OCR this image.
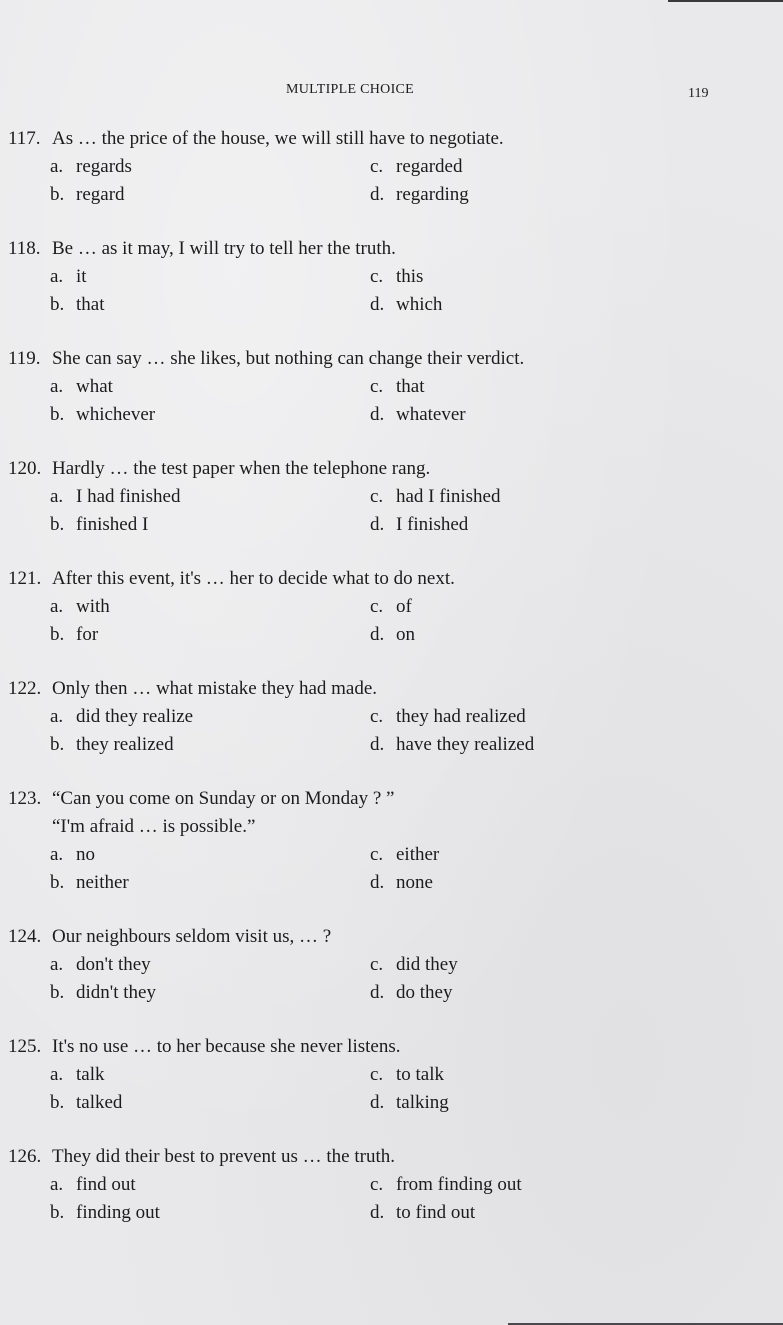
MULTIPLE CHOICE	119
117. As … the price of the house, we will still have to negotiate.
a. regards
b. regard
c. regarded
d. regarding
118. Be … as it may, I will try to tell her the truth.
a. it
b. that
c. this
d. which
119. She can say … she likes, but nothing can change their verdict.
a. what
b. whichever
c. that
d. whatever
120. Hardly … the test paper when the telephone rang.
a. I had finished
b. finished I
c. had I finished
d. I finished
121. After this event, it's … her to decide what to do next.
a. with
b. for
c. of
d. on
122. Only then … what mistake they had made.
a. did they realize
b. they realized
c. they had realized
d. have they realized
123. “Can you come on Sunday or on Monday ? ”
“I'm afraid … is possible.”
a. no
b. neither
c. either
d. none
124. Our neighbours seldom visit us, … ?
a. don't they
b. didn't they
c. did they
d. do they
125. It's no use … to her because she never listens.
a. talk
b. talked
c. to talk
d. talking
126. They did their best to prevent us … the truth.
a. find out
b. finding out
c. from finding out
d. to find out
